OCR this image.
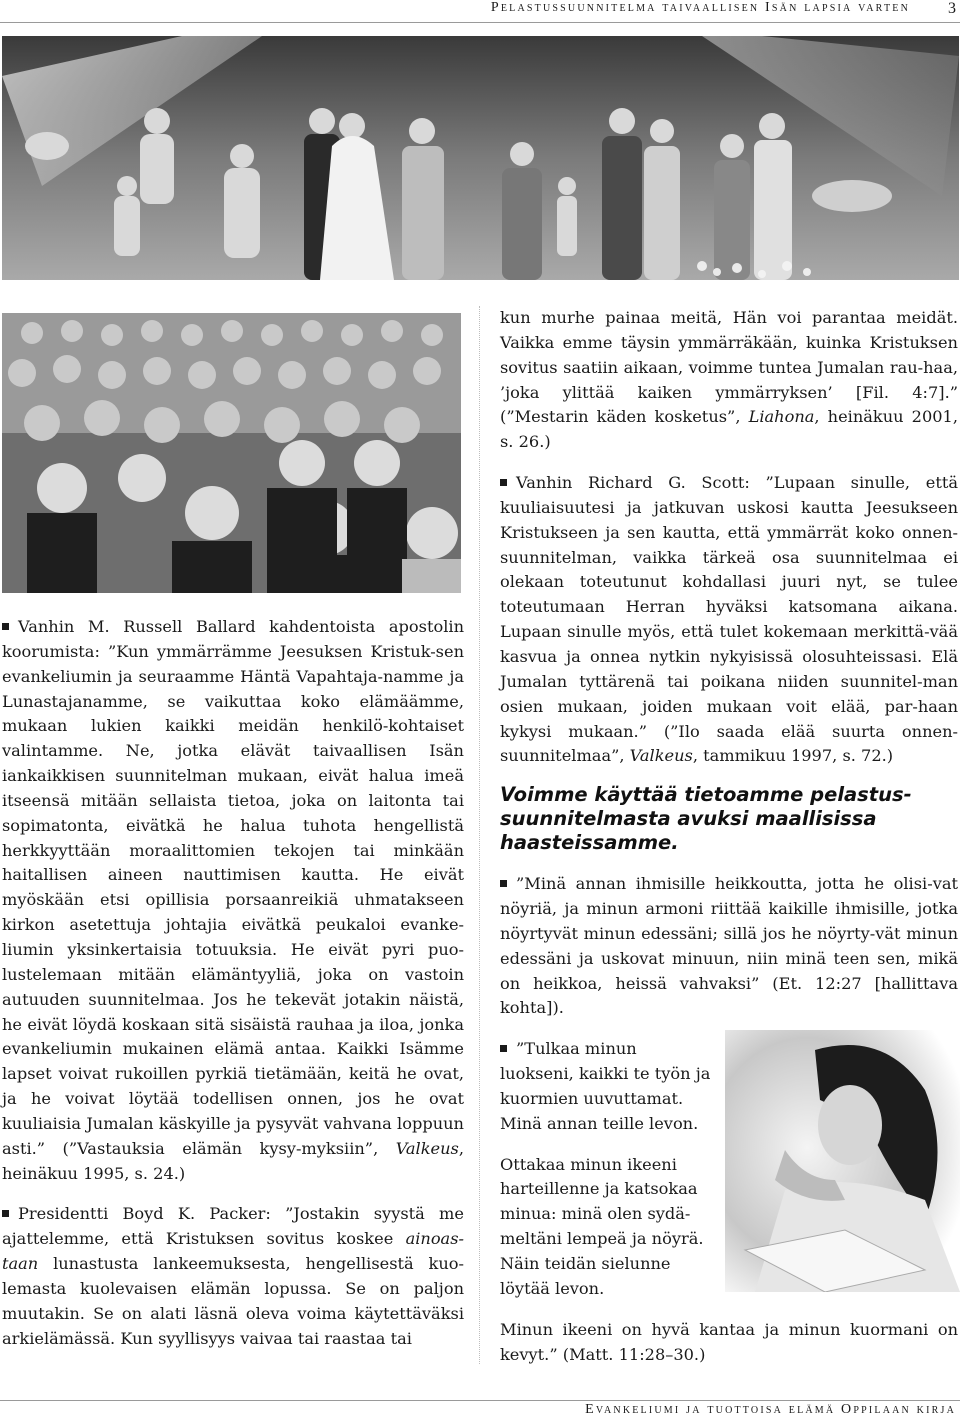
Pelastussuunnitelma taivaallisen Isän lapsia varten 3

Vanhin M. Russell Ballard kahdentoista apostolin koorumista: ”Kun ymmärrämme Jeesuksen Kristuk-sen evankeliumin ja seuraamme Häntä Vapahtaja-namme ja Lunastajanamme, se vaikuttaa koko elämäämme, mukaan lukien kaikki meidän henkilö-kohtaiset valintamme. Ne, jotka elävät taivaallisen Isän iankaikkisen suunnitelman mukaan, eivät halua imeä itseensä mitään sellaista tietoa, joka on laitonta tai sopimatonta, eivätkä he halua tuhota hengellistä herkkyyttään moraalittomien tekojen tai minkään haitallisen aineen nauttimisen kautta. He eivät myöskään etsi opillisia porsaanreikiä uhmatakseen kirkon asetettuja johtajia eivätkä peukaloi evanke-liumin yksinkertaisia totuuksia. He eivät pyri puo-lustelemaan mitään elämäntyyliä, joka on vastoin autuuden suunnitelmaa. Jos he tekevät jotakin näistä, he eivät löydä koskaan sitä sisäistä rauhaa ja iloa, jonka evankeliumin mukainen elämä antaa. Kaikki Isämme lapset voivat rukoillen pyrkiä tietämään, keitä he ovat, ja he voivat löytää todellisen onnen, jos he ovat kuuliaisia Jumalan käskyille ja pysyvät vahvana loppuun asti.” (”Vastauksia elämän kysy-myksiin”, Valkeus, heinäkuu 1995, s. 24.)

Presidentti Boyd K. Packer: ”Jostakin syystä me ajattelemme, että Kristuksen sovitus koskee ainoas-taan lunastusta lankeemuksesta, hengellisestä kuo-lemasta kuolevaisen elämän lopussa. Se on paljon muutakin. Se on alati läsnä oleva voima käytettäväksi arkielämässä. Kun syyllisyys vaivaa tai raastaa tai

kun murhe painaa meitä, Hän voi parantaa meidät. Vaikka emme täysin ymmärräkään, kuinka Kristuksen sovitus saatiin aikaan, voimme tuntea Jumalan rau-haa, ’joka ylittää kaiken ymmärryksen’ [Fil. 4:7].” (”Mestarin käden kosketus”, Liahona, heinäkuu 2001, s. 26.)

Vanhin Richard G. Scott: ”Lupaan sinulle, että kuuliaisuutesi ja jatkuvan uskosi kautta Jeesukseen Kristukseen ja sen kautta, että ymmärrät koko onnen-suunnitelman, vaikka tärkeä osa suunnitelmaa ei olekaan toteutunut kohdallasi juuri nyt, se tulee toteutumaan Herran hyväksi katsomana aikana. Lupaan sinulle myös, että tulet kokemaan merkittä-vää kasvua ja onnea nytkin nykyisissä olosuhteissasi. Elä Jumalan tyttärenä tai poikana niiden suunnitel-man osien mukaan, joiden mukaan voit elää, par-haan kykysi mukaan.” (”Ilo saada elää suurta onnen-suunnitelmaa”, Valkeus, tammikuu 1997, s. 72.)

Voimme käyttää tietoamme pelastus-suunnitelmasta avuksi maallisissa haasteissamme.

”Minä annan ihmisille heikkoutta, jotta he olisi-vat nöyriä, ja minun armoni riittää kaikille ihmisille, jotka nöyrtyvät minun edessäni; sillä jos he nöyrty-vät minun edessäni ja uskovat minuun, niin minä teen sen, mikä on heikkoa, heissä vahvaksi” (Et. 12:27 [hallittava kohta]).

”Tulkaa minun luokseni, kaikki te työn ja kuormien uuvuttamat. Minä annan teille levon.

Ottakaa minun ikeeni harteillenne ja katsokaa minua: minä olen sydä-meltäni lempeä ja nöyrä. Näin teidän sielunne löytää levon.

Minun ikeeni on hyvä kantaa ja minun kuormani on kevyt.” (Matt. 11:28–30.)

Evankeliumi ja tuottoisa elämä Oppilaan kirja
